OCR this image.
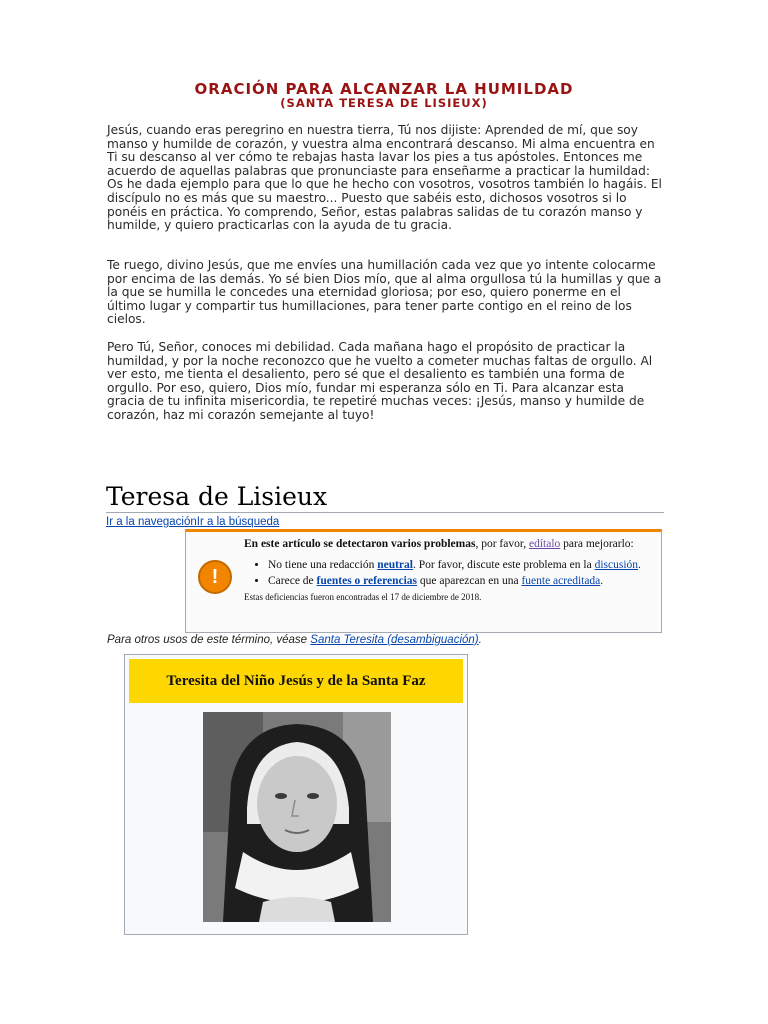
ORACIÓN PARA ALCANZAR LA HUMILDAD
(SANTA TERESA DE LISIEUX)

Jesús, cuando eras peregrino en nuestra tierra, Tú nos dijiste: Aprended de mí, que soy manso y humilde de corazón, y vuestra alma encontrará descanso. Mi alma encuentra en Ti su descanso al ver cómo te rebajas hasta lavar los pies a tus apóstoles. Entonces me acuerdo de aquellas palabras que pronunciaste para enseñarme a practicar la humildad: Os he dada ejemplo para que lo que he hecho con vosotros, vosotros también lo hagáis. El discípulo no es más que su maestro... Puesto que sabéis esto, dichosos vosotros si lo ponéis en práctica. Yo comprendo, Señor, estas palabras salidas de tu corazón manso y humilde, y quiero practicarlas con la ayuda de tu gracia.

Te ruego, divino Jesús, que me envíes una humillación cada vez que yo intente colocarme por encima de las demás. Yo sé bien Dios mío, que al alma orgullosa tú la humillas y que a la que se humilla le concedes una eternidad gloriosa; por eso, quiero ponerme en el último lugar y compartir tus humillaciones, para tener parte contigo en el reino de los cielos.

Pero Tú, Señor, conoces mi debilidad. Cada mañana hago el propósito de practicar la humildad, y por la noche reconozco que he vuelto a cometer muchas faltas de orgullo. Al ver esto, me tienta el desaliento, pero sé que el desaliento es también una forma de orgullo. Por eso, quiero, Dios mío, fundar mi esperanza sólo en Ti. Para alcanzar esta gracia de tu infinita misericordia, te repetiré muchas veces: ¡Jesús, manso y humilde de corazón, haz mi corazón semejante al tuyo!

Teresa de Lisieux
Ir a la navegaciónIr a la búsqueda
!
En este artículo se detectaron varios problemas, por favor, edítalo para mejorarlo:
• No tiene una redacción neutral. Por favor, discute este problema en la discusión.
• Carece de fuentes o referencias que aparezcan en una fuente acreditada.
Estas deficiencias fueron encontradas el 17 de diciembre de 2018.
Para otros usos de este término, véase Santa Teresita (desambiguación).
Teresita del Niño Jesús y de la Santa Faz
